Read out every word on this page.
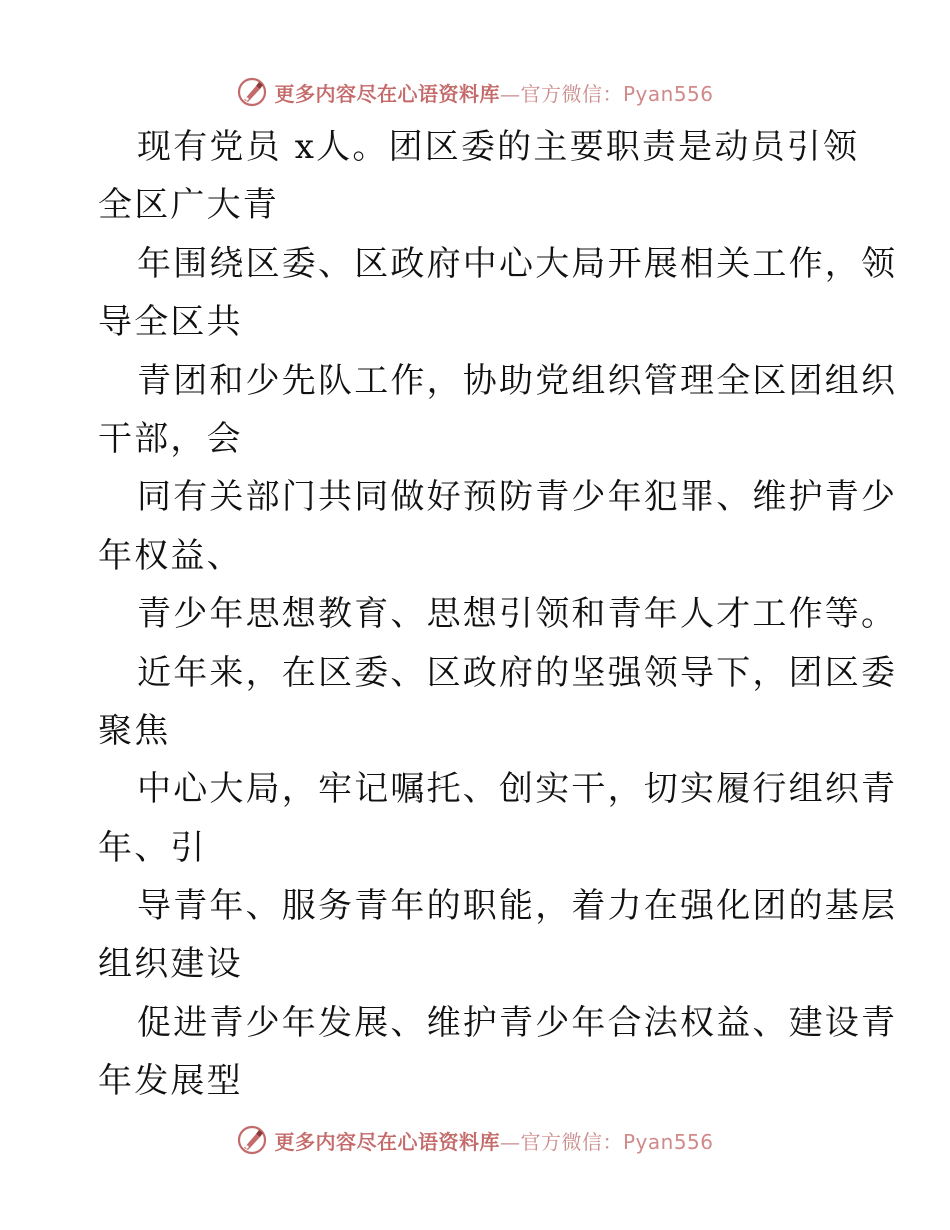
更多内容尽在心语资料库—官方微信：Pyan556
现有党员 x人。团区委的主要职责是动员引领
全区广大青
年围绕区委、区政府中心大局开展相关工作，领
导全区共
青团和少先队工作，协助党组织管理全区团组织
干部，会
同有关部门共同做好预防青少年犯罪、维护青少
年权益、
青少年思想教育、思想引领和青年人才工作等。
近年来，在区委、区政府的坚强领导下，团区委
聚焦
中心大局，牢记嘱托、创实干，切实履行组织青
年、引
导青年、服务青年的职能，着力在强化团的基层
组织建设
促进青少年发展、维护青少年合法权益、建设青
年发展型
更多内容尽在心语资料库—官方微信：Pyan556
